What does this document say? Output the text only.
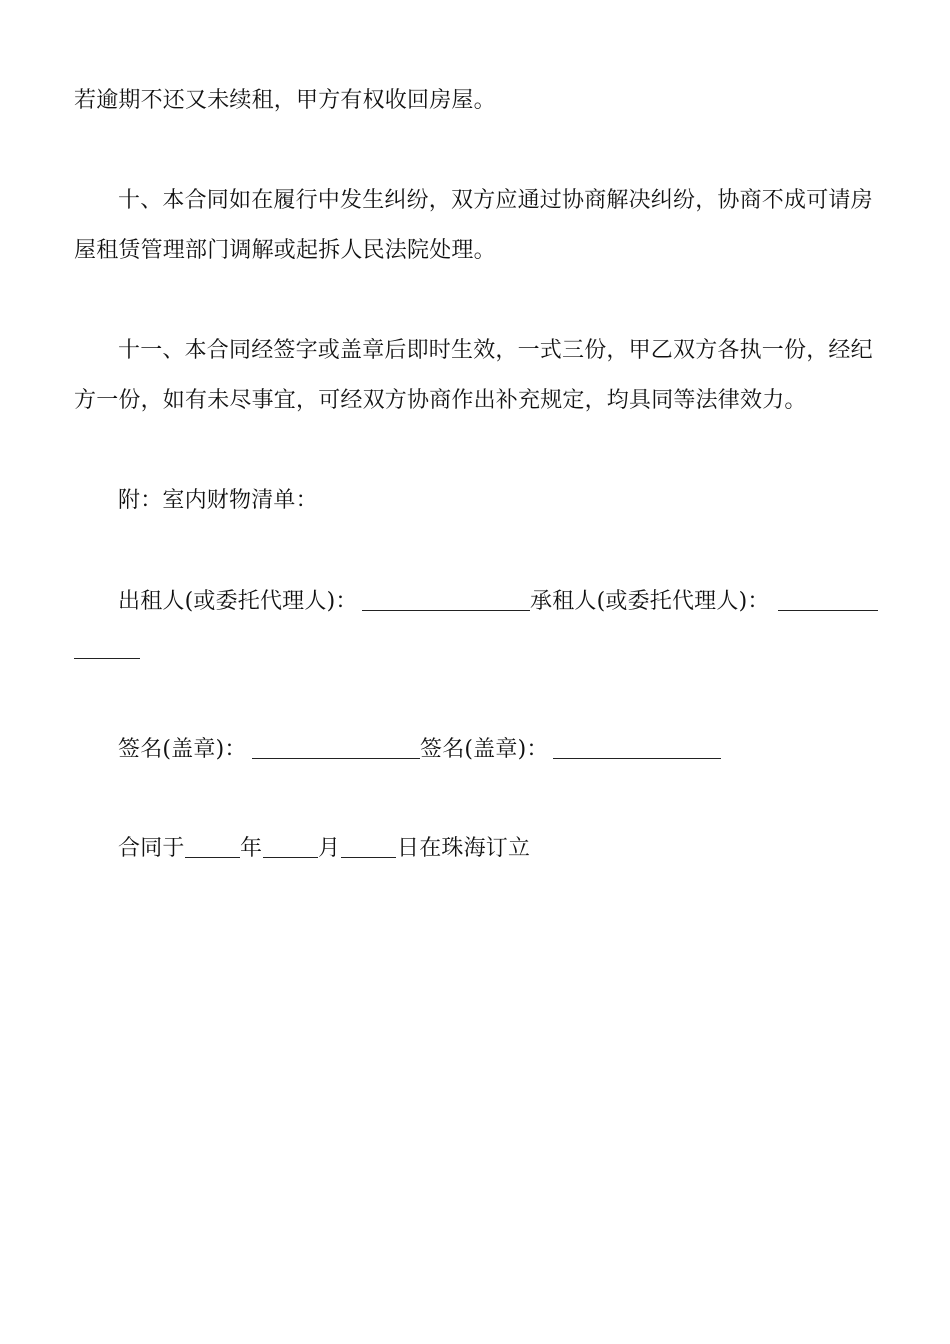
若逾期不还又未续租，甲方有权收回房屋。
十、本合同如在履行中发生纠纷，双方应通过协商解决纠纷，协商不成可请房
屋租赁管理部门调解或起拆人民法院处理。
十一、本合同经签字或盖章后即时生效，一式三份，甲乙双方各执一份，经纪
方一份，如有未尽事宜，可经双方协商作出补充规定，均具同等法律效力。
附：室内财物清单：
出租人(或委托代理人)：	承租人(或委托代理人)：
签名(盖章)：	签名(盖章)：
合同于	年	月	日在珠海订立
